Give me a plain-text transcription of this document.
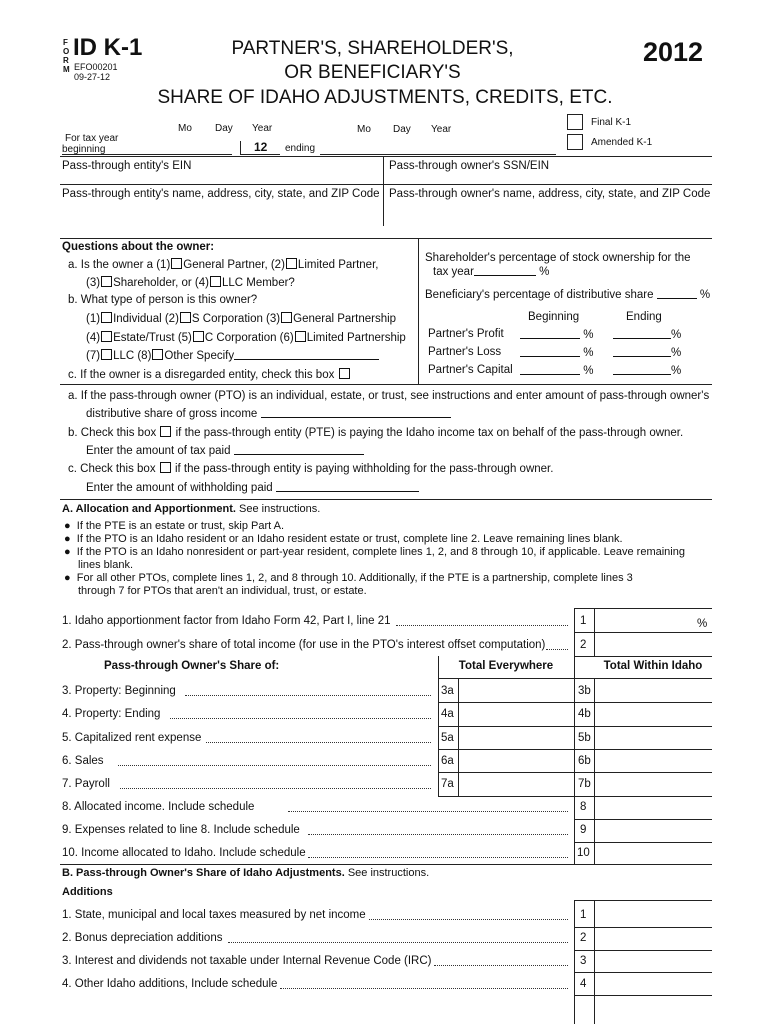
F
O
R
M
ID K-1
EFO00201
09-27-12
PARTNER'S, SHAREHOLDER'S,
OR BENEFICIARY'S
SHARE OF IDAHO ADJUSTMENTS, CREDITS, ETC.
2012
Mo Day Year	Mo Day Year
For tax year
beginning	12 ending
Final K-1
Amended K-1
Pass-through entity's EIN	Pass-through owner's SSN/EIN
Pass-through entity's name, address, city, state, and ZIP Code Pass-through owner's name, address, city, state, and ZIP Code
Questions about the owner:
a. Is the owner a (1) General Partner, (2) Limited Partner,
(3) Shareholder, or (4) LLC Member?
b. What type of person is this owner?
(1) Individual (2) S Corporation (3) General Partnership
(4) Estate/Trust (5) C Corporation (6) Limited Partnership
(7) LLC (8) Other Specify
c. If the owner is a disregarded entity, check this box
Shareholder's percentage of stock ownership for the
tax year	%
Beneficiary's percentage of distributive share	%
Beginning	Ending
Partner's Profit	%	%
Partner's Loss	%	%
Partner's Capital	%	%
a. If the pass-through owner (PTO) is an individual, estate, or trust, see instructions and enter amount of pass-through owner's
distributive share of gross income
b. Check this box if the pass-through entity (PTE) is paying the Idaho income tax on behalf of the pass-through owner.
Enter the amount of tax paid
c. Check this box if the pass-through entity is paying withholding for the pass-through owner.
Enter the amount of withholding paid
A. Allocation and Apportionment. See instructions.
●  If the PTE is an estate or trust, skip Part A.
●  If the PTO is an Idaho resident or an Idaho resident estate or trust, complete line 2. Leave remaining lines blank.
●  If the PTO is an Idaho nonresident or part-year resident, complete lines 1, 2, and 8 through 10, if applicable. Leave remaining
lines blank.
●  For all other PTOs, complete lines 1, 2, and 8 through 10. Additionally, if the PTE is a partnership, complete lines 3
through 7 for PTOs that aren't an individual, trust, or estate.
1. Idaho apportionment factor from Idaho Form 42, Part I, line 21	1	%
2. Pass-through owner's share of total income (for use in the PTO's interest offset computation)	2
Pass-through Owner's Share of:	Total Everywhere	Total Within Idaho
3. Property: Beginning	3a	3b
4. Property: Ending	4a	4b
5. Capitalized rent expense	5a	5b
6. Sales	6a	6b
7. Payroll	7a	7b
8. Allocated income. Include schedule	8
9. Expenses related to line 8. Include schedule	9
10. Income allocated to Idaho. Include schedule	10
B. Pass-through Owner's Share of Idaho Adjustments. See instructions.
Additions
1. State, municipal and local taxes measured by net income	1
2. Bonus depreciation additions	2
3. Interest and dividends not taxable under Internal Revenue Code (IRC)	3
4. Other Idaho additions, Include schedule	4
